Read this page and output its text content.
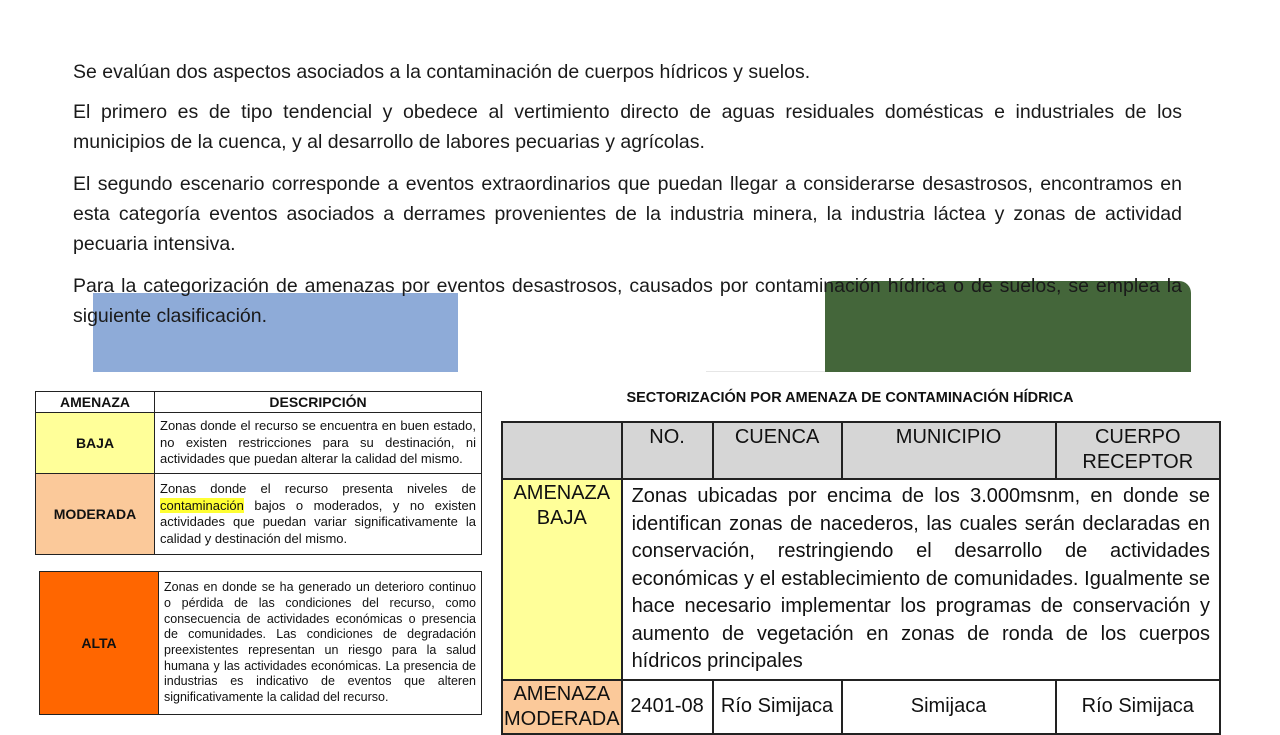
Se evalúan dos aspectos asociados a la contaminación de cuerpos hídricos y suelos.

El primero es de tipo tendencial y obedece al vertimiento directo de aguas residuales domésticas e industriales de los municipios de la cuenca, y al desarrollo de labores pecuarias y agrícolas.

El segundo escenario corresponde a eventos extraordinarios que puedan llegar a considerarse desastrosos, encontramos en esta categoría eventos asociados a derrames provenientes de la industria minera, la industria láctea y zonas de actividad pecuaria intensiva.

Para la categorización de amenazas por eventos desastrosos, causados por contaminación hídrica o de suelos, se emplea la siguiente clasificación.

AMENAZA	DESCRIPCIÓN
BAJA	Zonas donde el recurso se encuentra en buen estado, no existen restricciones para su destinación, ni actividades que puedan alterar la calidad del mismo.
MODERADA	Zonas donde el recurso presenta niveles de contaminación bajos o moderados, y no existen actividades que puedan variar significativamente la calidad y destinación del mismo.
ALTA	Zonas en donde se ha generado un deterioro continuo o pérdida de las condiciones del recurso, como consecuencia de actividades económicas o presencia de comunidades. Las condiciones de degradación preexistentes representan un riesgo para la salud humana y las actividades económicas. La presencia de industrias es indicativo de eventos que alteren significativamente la calidad del recurso.
SECTORIZACIÓN POR AMENAZA DE CONTAMINACIÓN HÍDRICA
	NO.	CUENCA	MUNICIPIO	CUERPO RECEPTOR
AMENAZA BAJA	Zonas ubicadas por encima de los 3.000msnm, en donde se identifican zonas de nacederos, las cuales serán declaradas en conservación, restringiendo el desarrollo de actividades económicas y el establecimiento de comunidades. Igualmente se hace necesario implementar los programas de conservación y aumento de vegetación en zonas de ronda de los cuerpos hídricos principales			
AMENAZA MODERADA	2401-08	Río Simijaca	Simijaca	Río Simijaca
